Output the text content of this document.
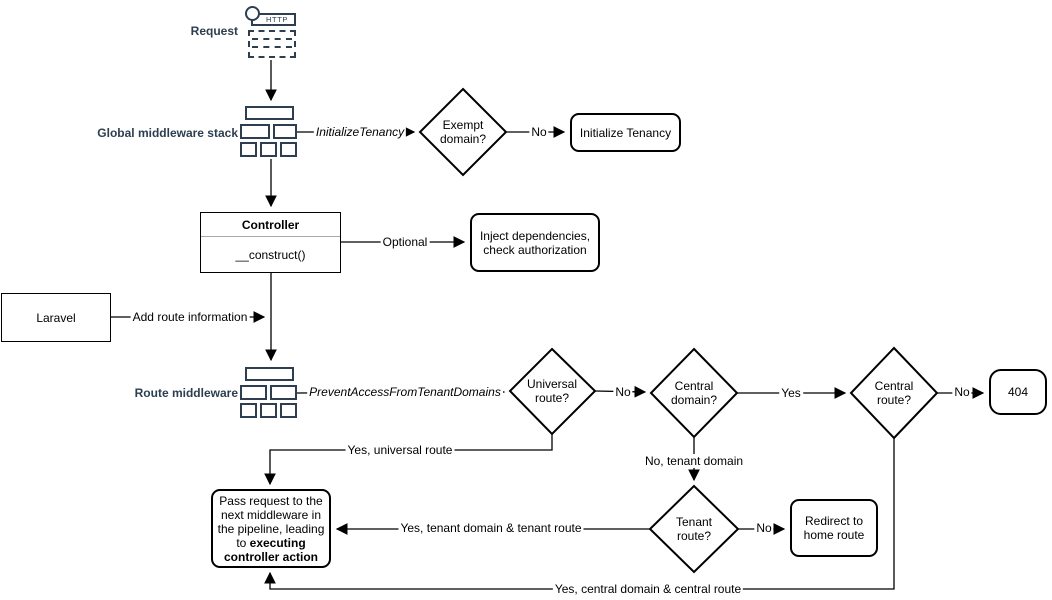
HTTP
Request
Global middleware stack
Route middleware
Initialize Tenancy
Controller
__construct()
Inject dependencies, check authorization
Laravel
404
Redirect to home route
Pass request to the next middleware in the pipeline, leading to executing controller action
Exempt domain?
Universal route?
Central domain?
Central route?
Tenant route?
InitializeTenancy	No
Optional
Add route information
PreventAccessFromTenantDomains	No	Yes	No
Yes, universal route
No, tenant domain
Yes, tenant domain & tenant route	No
Yes, central domain & central route
